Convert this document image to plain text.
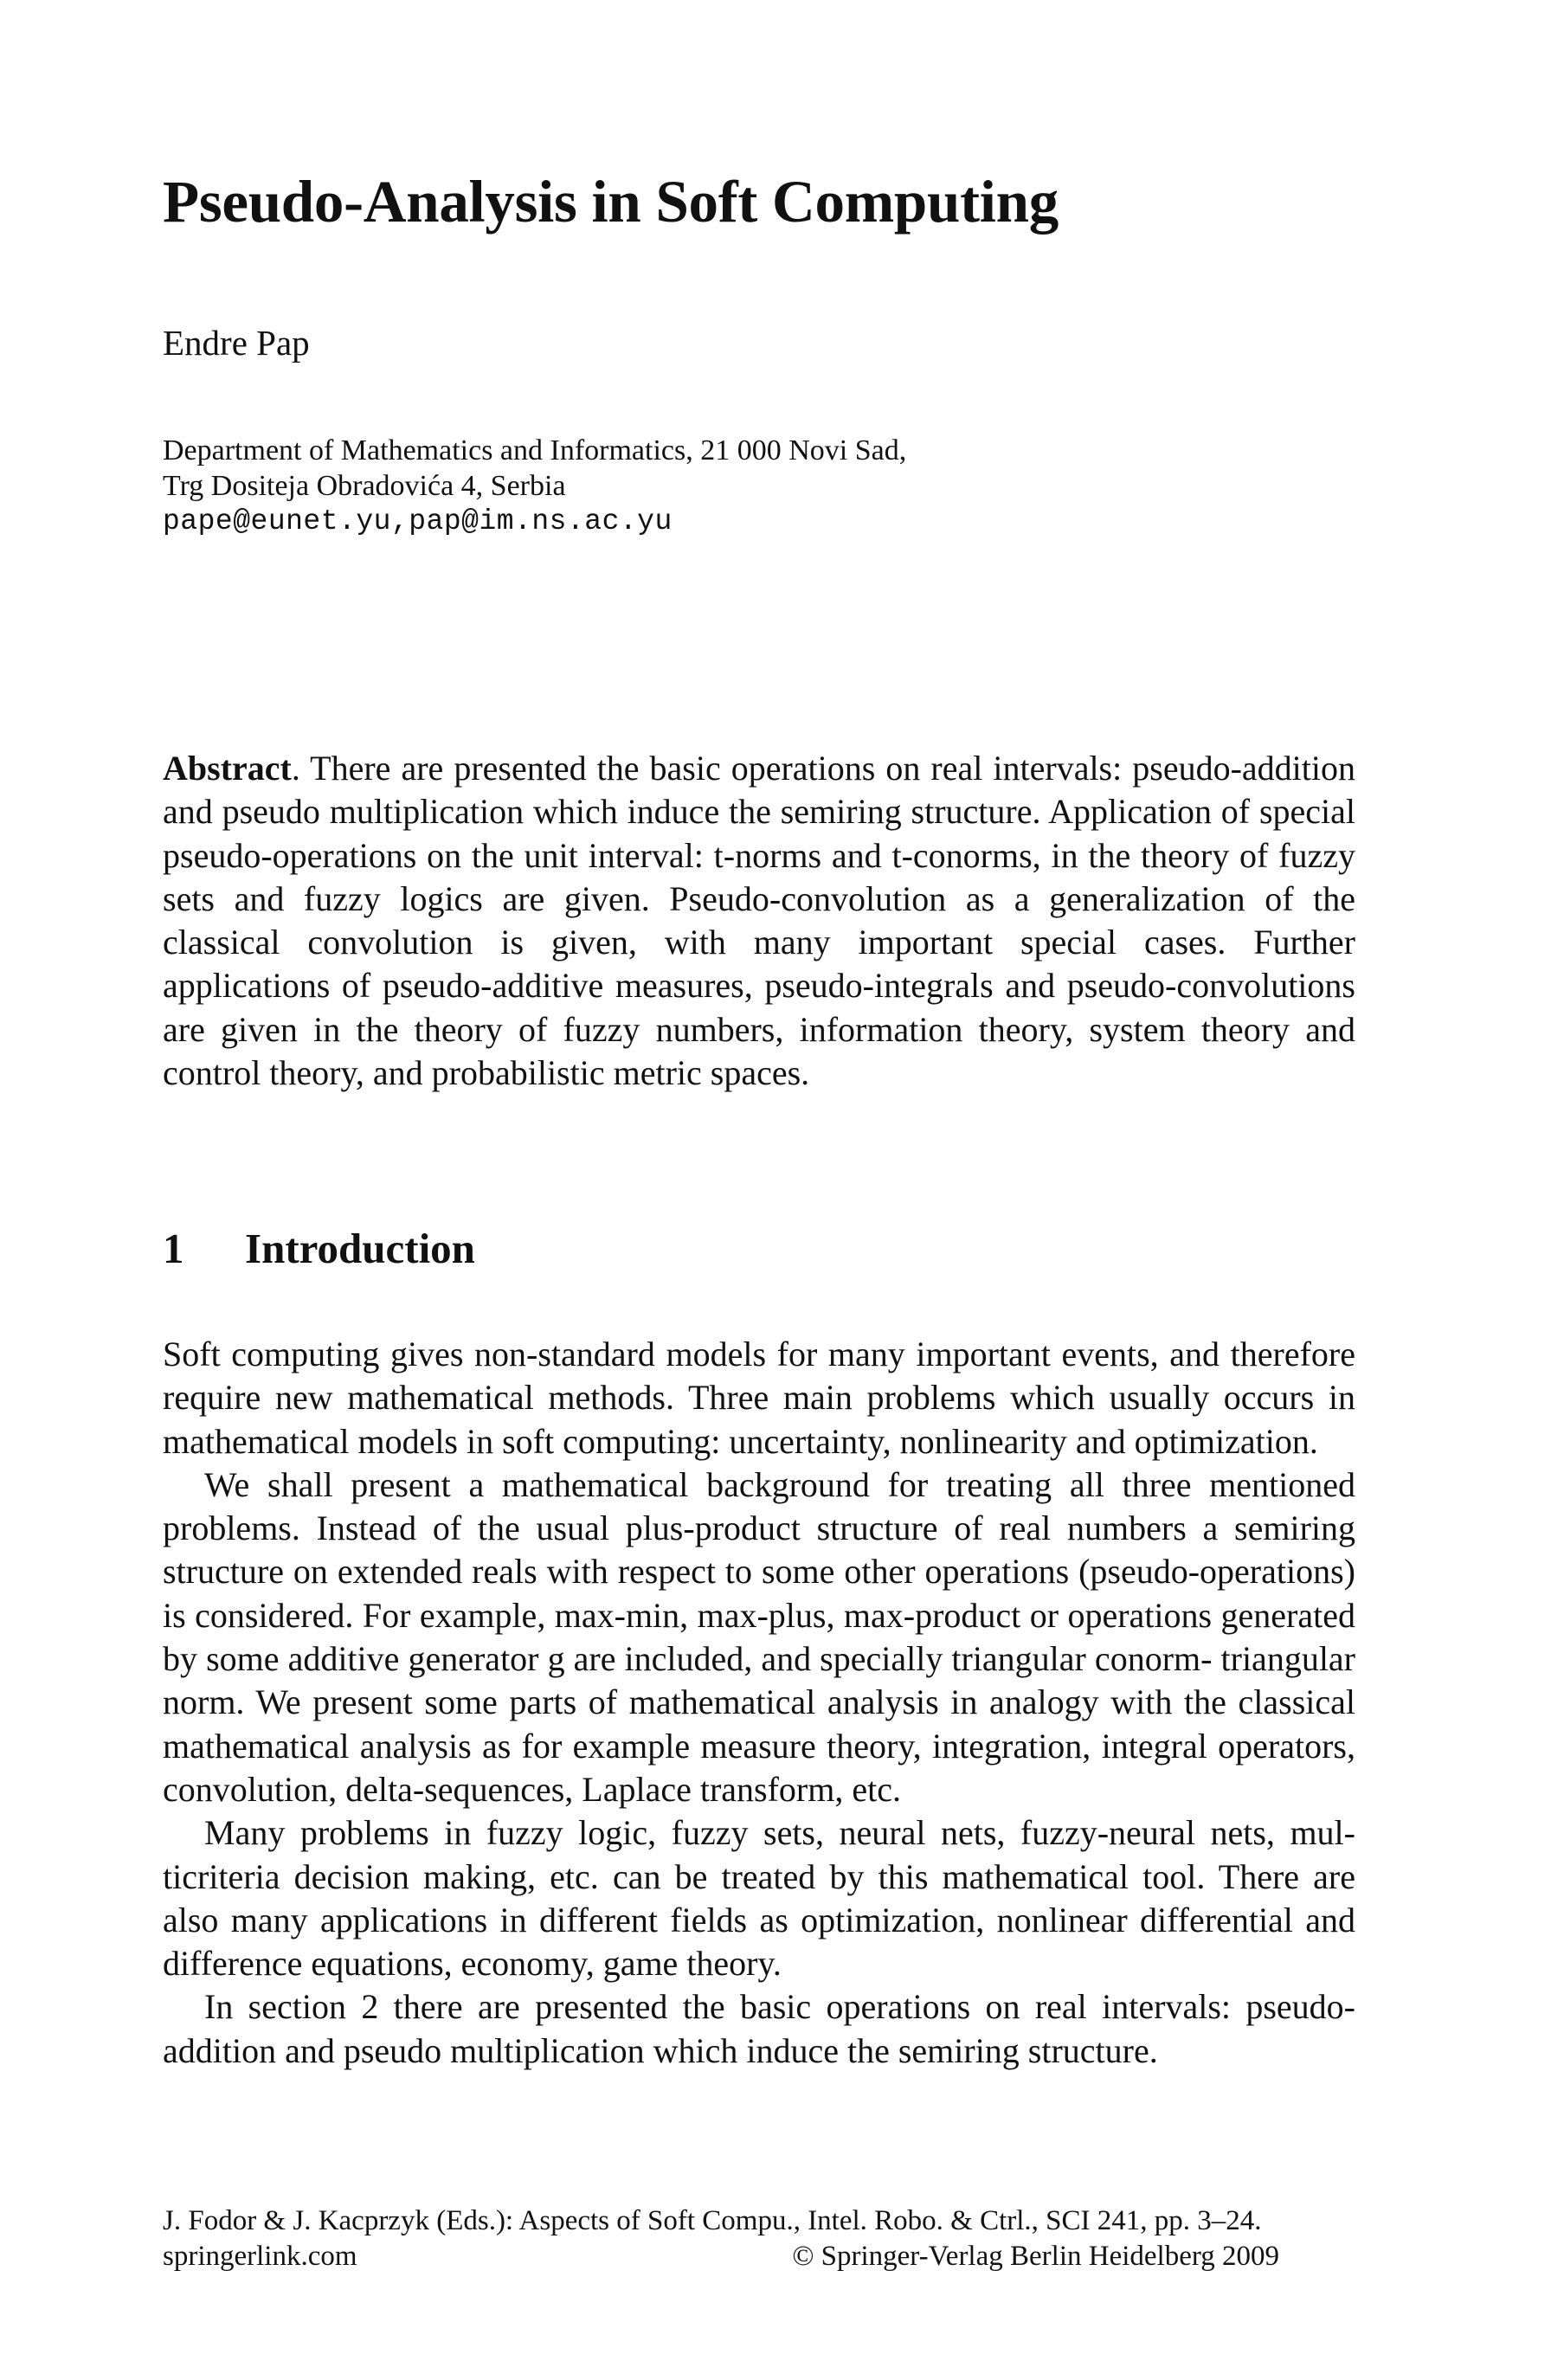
Pseudo-Analysis in Soft Computing
Endre Pap
Department of Mathematics and Informatics, 21 000 Novi Sad,
Trg Dositeja Obradovića 4, Serbia
pape@eunet.yu,pap@im.ns.ac.yu

Abstract. There are presented the basic operations on real intervals: pseudo-addition and pseudo multiplication which induce the semiring structure. Application of special pseudo-operations on the unit interval: t-norms and t-conorms, in the theory of fuzzy sets and fuzzy logics are given. Pseudo-convolution as a generalization of the classical convolution is given, with many important special cases. Further applications of pseudo-additive measures, pseudo-integrals and pseudo-convolutions are given in the theory of fuzzy numbers, information theory, system theory and control theory, and probabilistic metric spaces.

1 Introduction

Soft computing gives non-standard models for many important events, and therefore require new mathematical methods. Three main problems which usually occurs in mathematical models in soft computing: uncertainty, nonlinearity and optimization.

We shall present a mathematical background for treating all three mentioned problems. Instead of the usual plus-product structure of real numbers a semiring structure on extended reals with respect to some other operations (pseudo-operations) is considered. For example, max-min, max-plus, max-product or operations generated by some additive generator g are included, and specially triangular conorm- triangular norm. We present some parts of mathematical analysis in analogy with the classical mathematical analysis as for example measure theory, integration, integral operators, convolution, delta-sequences, Laplace transform, etc.

Many problems in fuzzy logic, fuzzy sets, neural nets, fuzzy-neural nets, multicriteria decision making, etc. can be treated by this mathematical tool. There are also many applications in different fields as optimization, nonlinear differential and difference equations, economy, game theory.

In section 2 there are presented the basic operations on real intervals: pseudo-addition and pseudo multiplication which induce the semiring structure.

J. Fodor & J. Kacprzyk (Eds.): Aspects of Soft Compu., Intel. Robo. & Ctrl., SCI 241, pp. 3–24.
springerlink.com	© Springer-Verlag Berlin Heidelberg 2009
